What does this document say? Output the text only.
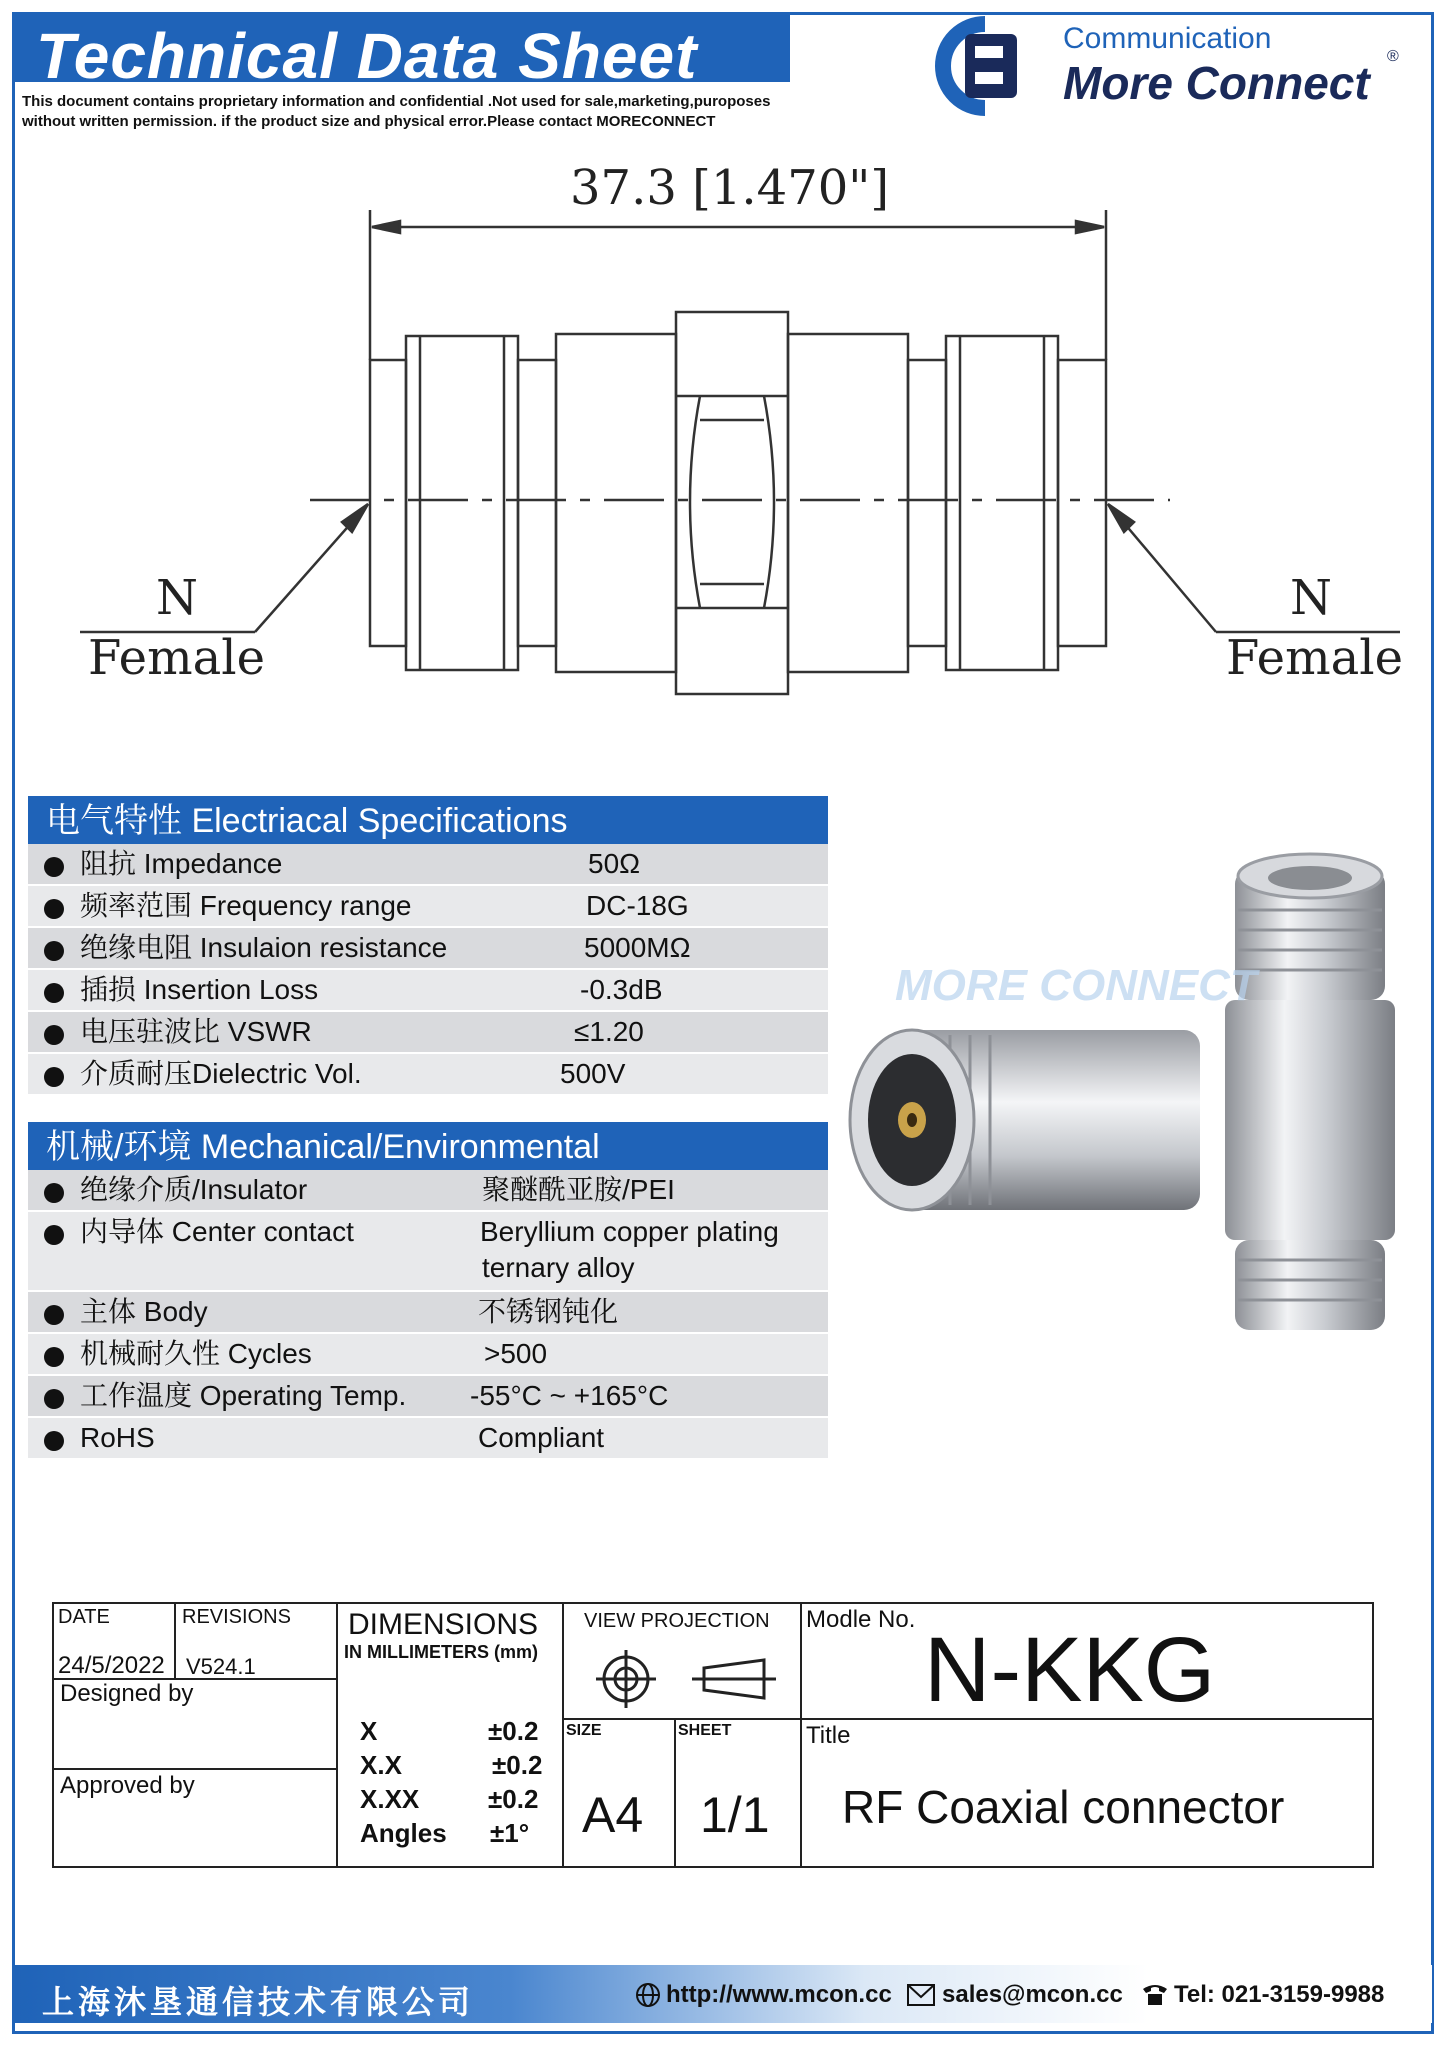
Technical Data Sheet
This document contains proprietary information and confidential .Not used for sale,marketing,puroposes
without written permission. if the product size and physical error.Please contact MORECONNECT
Communication
More Connect
®
37.3 [1.470"]
N
Female
N
Female
电气特性 Electriacal Specifications
阻抗 Impedance	50Ω
频率范围 Frequency range	DC-18G
绝缘电阻 Insulaion resistance	5000MΩ
插损 Insertion Loss	-0.3dB
电压驻波比 VSWR	≤1.20
介质耐压Dielectric Vol.	500V
机械/环境 Mechanical/Environmental
绝缘介质/Insulator	聚醚酰亚胺/PEI
内导体 Center contact	Beryllium copper plating
ternary alloy
主体 Body	不锈钢钝化
机械耐久性 Cycles	>500
工作温度 Operating Temp. -55°C ~ +165°C
RoHS	Compliant
MORE CONNECT
DATE	REVISIONS
24/5/2022 V524.1
Designed by
Approved by
DIMENSIONS
IN MILLIMETERS (mm)
X	±0.2
X.X	±0.2
X.XX	±0.2
Angles ±1°
VIEW PROJECTION
SIZE	SHEET
A4 1/1
Modle No. N-KKG
Title
RF Coaxial connector
上海沐垦通信技术有限公司	http://www.mcon.cc sales@mcon.cc Tel: 021-3159-9988
